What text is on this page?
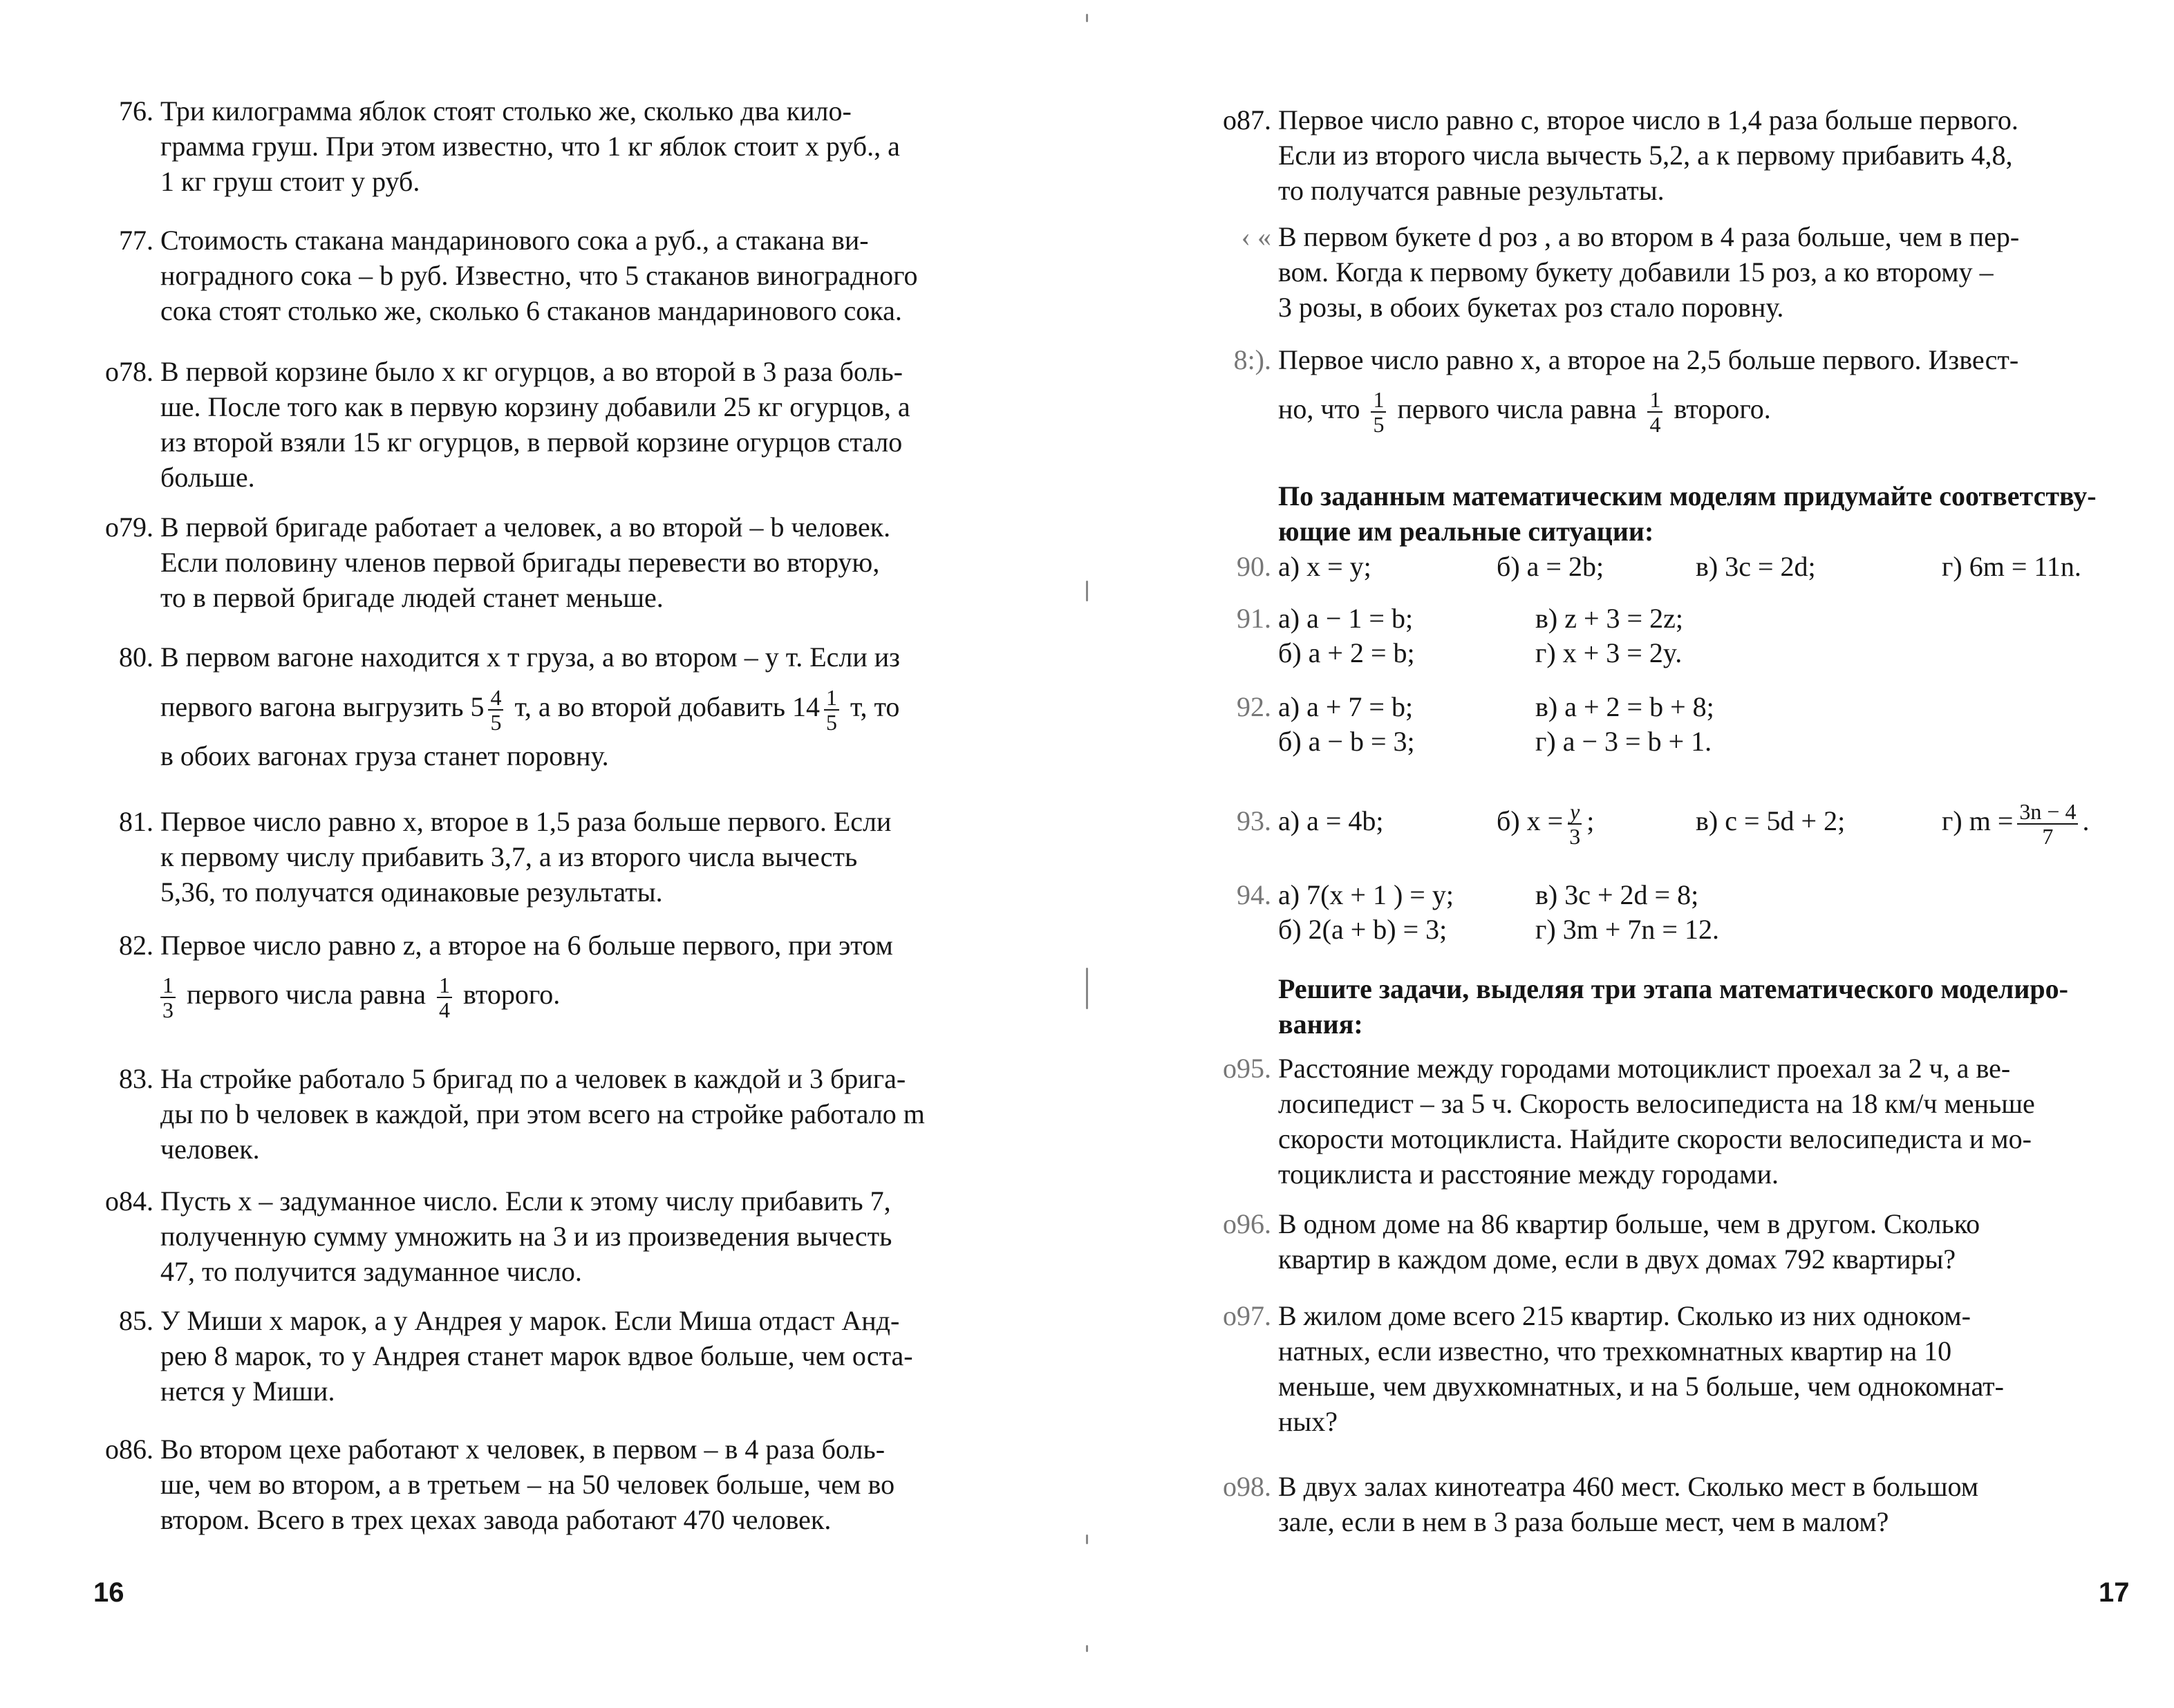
76. Три килограмма яблок стоят столько же, сколько два кило-
грамма груш. При этом известно, что 1 кг яблок стоит x руб., а
1 кг груш стоит y руб.
77. Стоимость стакана мандаринового сока a руб., а стакана ви-
ноградного сока – b руб. Известно, что 5 стаканов виноградного
сока стоят столько же, сколько 6 стаканов мандаринового сока.
о78. В первой корзине было x кг огурцов, а во второй в 3 раза боль-
ше. После того как в первую корзину добавили 25 кг огурцов, а
из второй взяли 15 кг огурцов, в первой корзине огурцов стало
больше.
о79. В первой бригаде работает a человек, а во второй – b человек.
Если половину членов первой бригады перевести во вторую,
то в первой бригаде людей станет меньше.
80. В первом вагоне находится x т груза, а во втором – y т. Если из
первого вагона выгрузить $5 \frac{4}{5} т$, а во второй добавить $14 \frac{1}{5} т$, то
в обоих вагонах груза станет поровну.
81. Первое число равно x, второе в 1,5 раза больше первого. Если
к первому числу прибавить 3,7, а из второго числа вычесть
5,36, то получатся одинаковые результаты.
82. Первое число равно z, а второе на 6 больше первого, при этом
$\frac{1}{3}$ первого числа равна $\frac{1}{4}$ второго.
83. На стройке работало 5 бригад по a человек в каждой и 3 брига-
ды по b человек в каждой, при этом всего на стройке работало m
человек.
о84. Пусть x – задуманное число. Если к этому числу прибавить 7,
полученную сумму умножить на 3 и из произведения вычесть
47, то получится задуманное число.
85. У Миши x марок, а у Андрея y марок. Если Миша отдаст Анд-
рею 8 марок, то у Андрея станет марок вдвое больше, чем оста-
нется у Миши.
о86. Во втором цехе работают x человек, в первом – в 4 раза боль-
ше, чем во втором, а в третьем – на 50 человек больше, чем во
втором. Всего в трех цехах завода работают 470 человек.
16
о87. Первое число равно c, второе число в 1,4 раза больше первого.
Если из второго числа вычесть 5,2, а к первому прибавить 4,8,
то получатся равные результаты.
‹ « В первом букете d роз , а во втором в 4 раза больше, чем в пер-
вом. Когда к первому букету добавили 15 роз, а ко второму –
3 розы, в обоих букетах роз стало поровну.
8:). Первое число равно x, а второе на 2,5 больше первого. Извест-
но, что $\frac{1}{5}$ первого числа равна $\frac{1}{4}$ второго.
По заданным математическим моделям придумайте соответству-
ющие им реальные ситуации:
90. а) x = y;	б) a = 2b;	в) 3c = 2d;	г) 6m = 11n.
91. а) a − 1 = b;	в) z + 3 = 2z;
б) a + 2 = b;	г) x + 3 = 2y.
92. а) a + 7 = b;	в) a + 2 = b + 8;
б) a − b = 3;	г) a − 3 = b + 1.
93. а) a = 4b;	б) $x = \frac{y}{3}$ ;	в) c = 5d + 2;	г) $m = \frac{3n - 4}{7}$ .
94. а) 7(x + 1 ) = y;	в) 3c + 2d = 8;
б) 2(a + b) = 3;	г) 3m + 7n = 12.
Решите задачи, выделяя три этапа математического моделиро-
вания:
о95. Расстояние между городами мотоциклист проехал за 2 ч, а ве-
лосипедист – за 5 ч. Скорость велосипедиста на 18 км/ч меньше
скорости мотоциклиста. Найдите скорости велосипедиста и мо-
тоциклиста и расстояние между городами.
о96. В одном доме на 86 квартир больше, чем в другом. Сколько
квартир в каждом доме, если в двух домах 792 квартиры?
о97. В жилом доме всего 215 квартир. Сколько из них одноком-
натных, если известно, что трехкомнатных квартир на 10
меньше, чем двухкомнатных, и на 5 больше, чем однокомнат-
ных?
о98. В двух залах кинотеатра 460 мест. Сколько мест в большом
зале, если в нем в 3 раза больше мест, чем в малом?
17
